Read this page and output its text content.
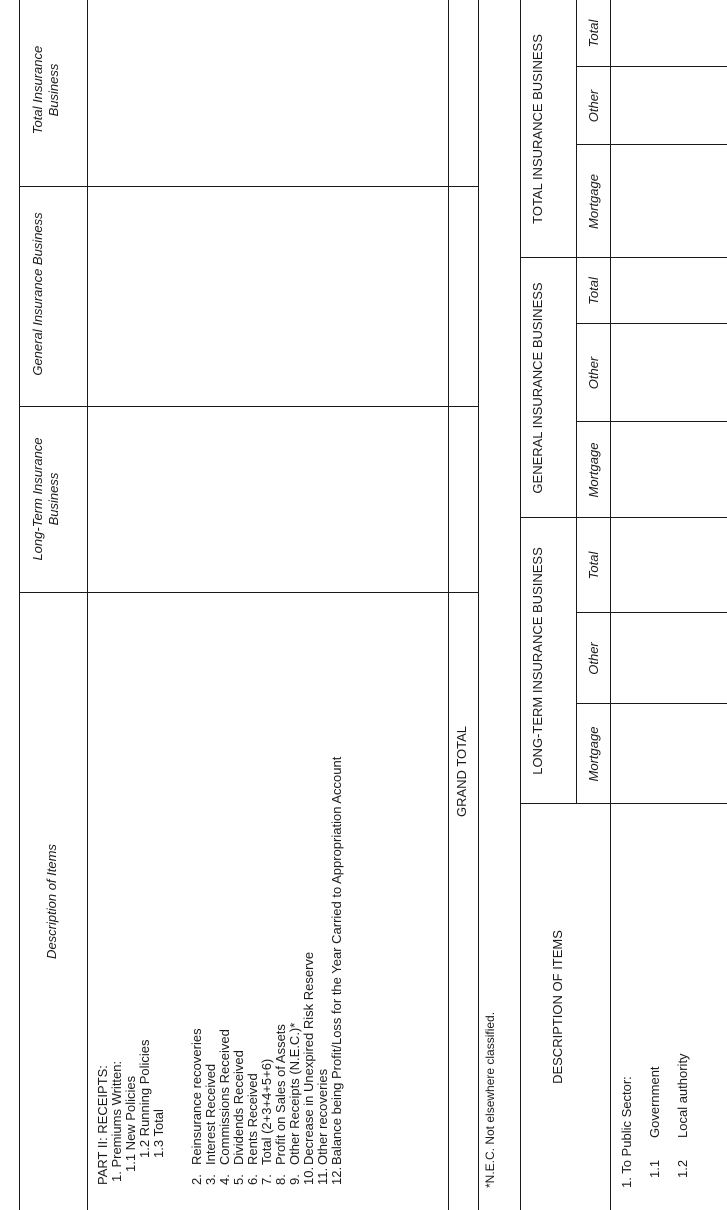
Description of Items
Long-Term Insurance Business
General Insurance Business
Total Insurance Business
PART II: RECEIPTS: 1. Premiums Written: 1.1 New Policies 1.2 Running Policies 1.3 Total
2.Reinsurance recoveries
3.Interest Received
4.Commissions Received
5.Dividends Received
6.Rents Received
7.Total (2+3+4+5+6)
8.Profit on Sales of Assets
9.Other Receipts (N.E.C.)*
10.Decrease in Unexpired Risk Reserve
11.Other recoveries
12.Balance being Profit/Loss for the Year Carried to Appropriation Account	GRAND TOTAL
*N.E.C. Not elsewhere classified.
DESCRIPTION OF ITEMS
LONG-TERM INSURANCE BUSINESS
GENERAL INSURANCE BUSINESS
TOTAL INSURANCE BUSINESS
Mortgage
Other
Total
Mortgage
Other
Total
Mortgage
Other
Total
1. To Public Sector: 1.1Government
1.2Local authority
